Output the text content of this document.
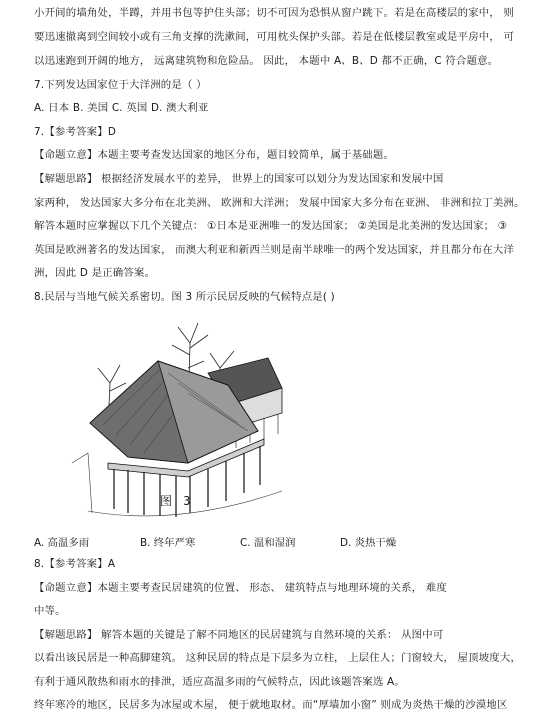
小开间的墙角处，半蹲，并用书包等护住头部；切不可因为恐惧从窗户跳下。若是在高楼层的家中， 则
要迅速撤离到空间较小或有三角支撑的洗漱间，可用枕头保护头部。若是在低楼层教室或是平房中， 可
以迅速跑到开阔的地方， 远离建筑物和危险品。 因此， 本题中 A、B、D 都不正确，C 符合题意。
7.下列发达国家位于大洋洲的是（ ）
A. 日本 B. 美国 C. 英国 D. 澳大利亚
7.【参考答案】D
【命题立意】本题主要考查发达国家的地区分布，题目较简单，属于基础题。
【解题思路】 根据经济发展水平的差异， 世界上的国家可以划分为发达国家和发展中国
家两种， 发达国家大多分布在北美洲、 欧洲和大洋洲； 发展中国家大多分布在亚洲、 非洲和拉丁美洲。
解答本题时应掌握以下几个关键点： ①日本是亚洲唯一的发达国家； ②美国是北美洲的发达国家； ③
英国是欧洲著名的发达国家， 而澳大利亚和新西兰则是南半球唯一的两个发达国家，并且都分布在大洋
洲，因此 D 是正确答案。
8.民居与当地气候关系密切。图 3 所示民居反映的气候特点是( )
图 3
A. 高温多雨	B. 终年严寒	C. 温和湿润	D. 炎热干燥
8.【参考答案】A
【命题立意】本题主要考查民居建筑的位置、 形态、 建筑特点与地理环境的关系， 难度
中等。
【解题思路】 解答本题的关键是了解不同地区的民居建筑与自然环境的关系： 从图中可
以看出该民居是一种高脚建筑。 这种民居的特点是下层多为立柱， 上层住人；门窗较大， 屋顶坡度大，
有利于通风散热和雨水的排泄，适应高温多雨的气候特点，因此该题答案选 A。
终年寒冷的地区，民居多为冰屋或木屋， 便于就地取材。而“厚墙加小窗” 则成为炎热干燥的沙漠地区
